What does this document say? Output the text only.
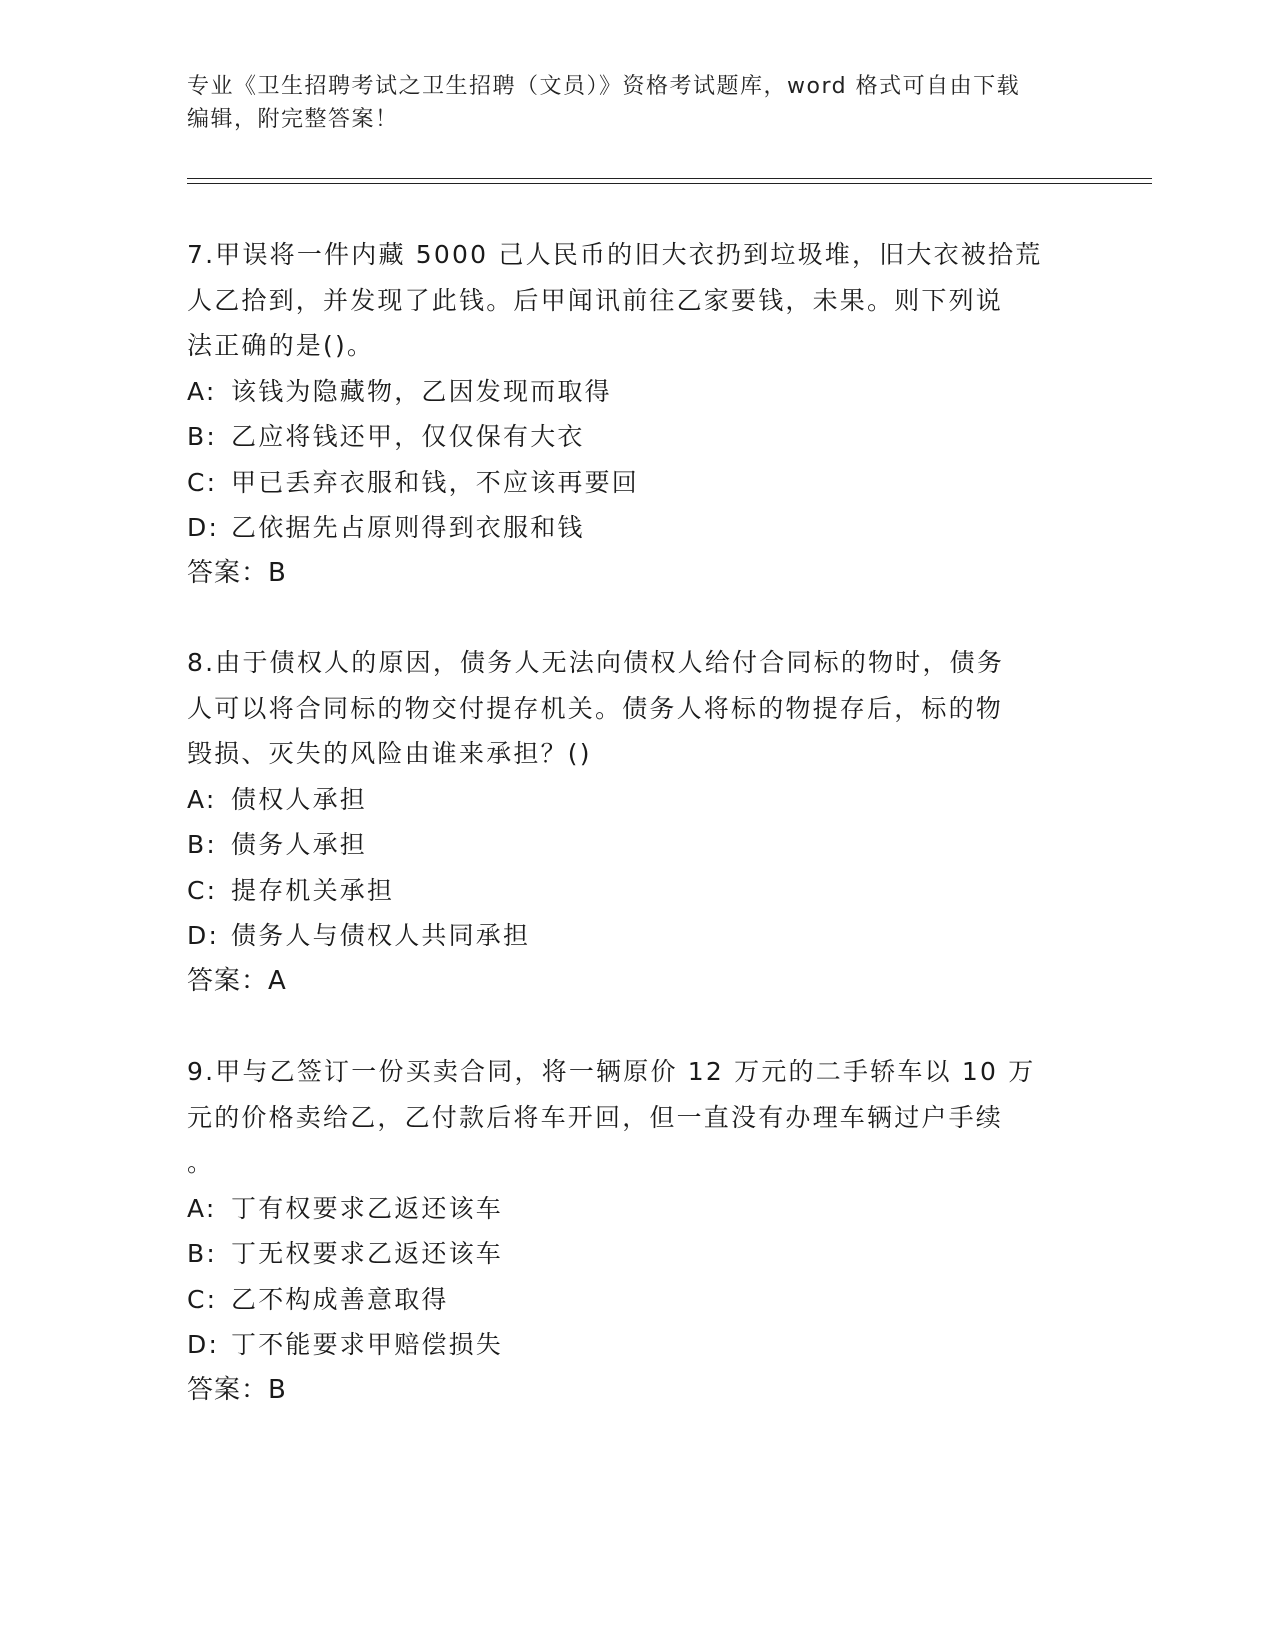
专业《卫生招聘考试之卫生招聘（文员）》资格考试题库，word 格式可自由下载
编辑，附完整答案！

7.甲误将一件内藏 5000 己人民币的旧大衣扔到垃圾堆，旧大衣被拾荒

人乙拾到，并发现了此钱。后甲闻讯前往乙家要钱，未果。则下列说

法正确的是()。

A: 该钱为隐藏物，乙因发现而取得

B: 乙应将钱还甲，仅仅保有大衣

C: 甲已丢弃衣服和钱，不应该再要回

D: 乙依据先占原则得到衣服和钱

答案：B

8.由于债权人的原因，债务人无法向债权人给付合同标的物时，债务

人可以将合同标的物交付提存机关。债务人将标的物提存后，标的物

毁损、灭失的风险由谁来承担？()

A: 债权人承担

B: 债务人承担

C: 提存机关承担

D: 债务人与债权人共同承担

答案：A

9.甲与乙签订一份买卖合同，将一辆原价 12 万元的二手轿车以 10 万

元的价格卖给乙，乙付款后将车开回，但一直没有办理车辆过户手续

。

A: 丁有权要求乙返还该车

B: 丁无权要求乙返还该车

C: 乙不构成善意取得

D: 丁不能要求甲赔偿损失

答案：B
